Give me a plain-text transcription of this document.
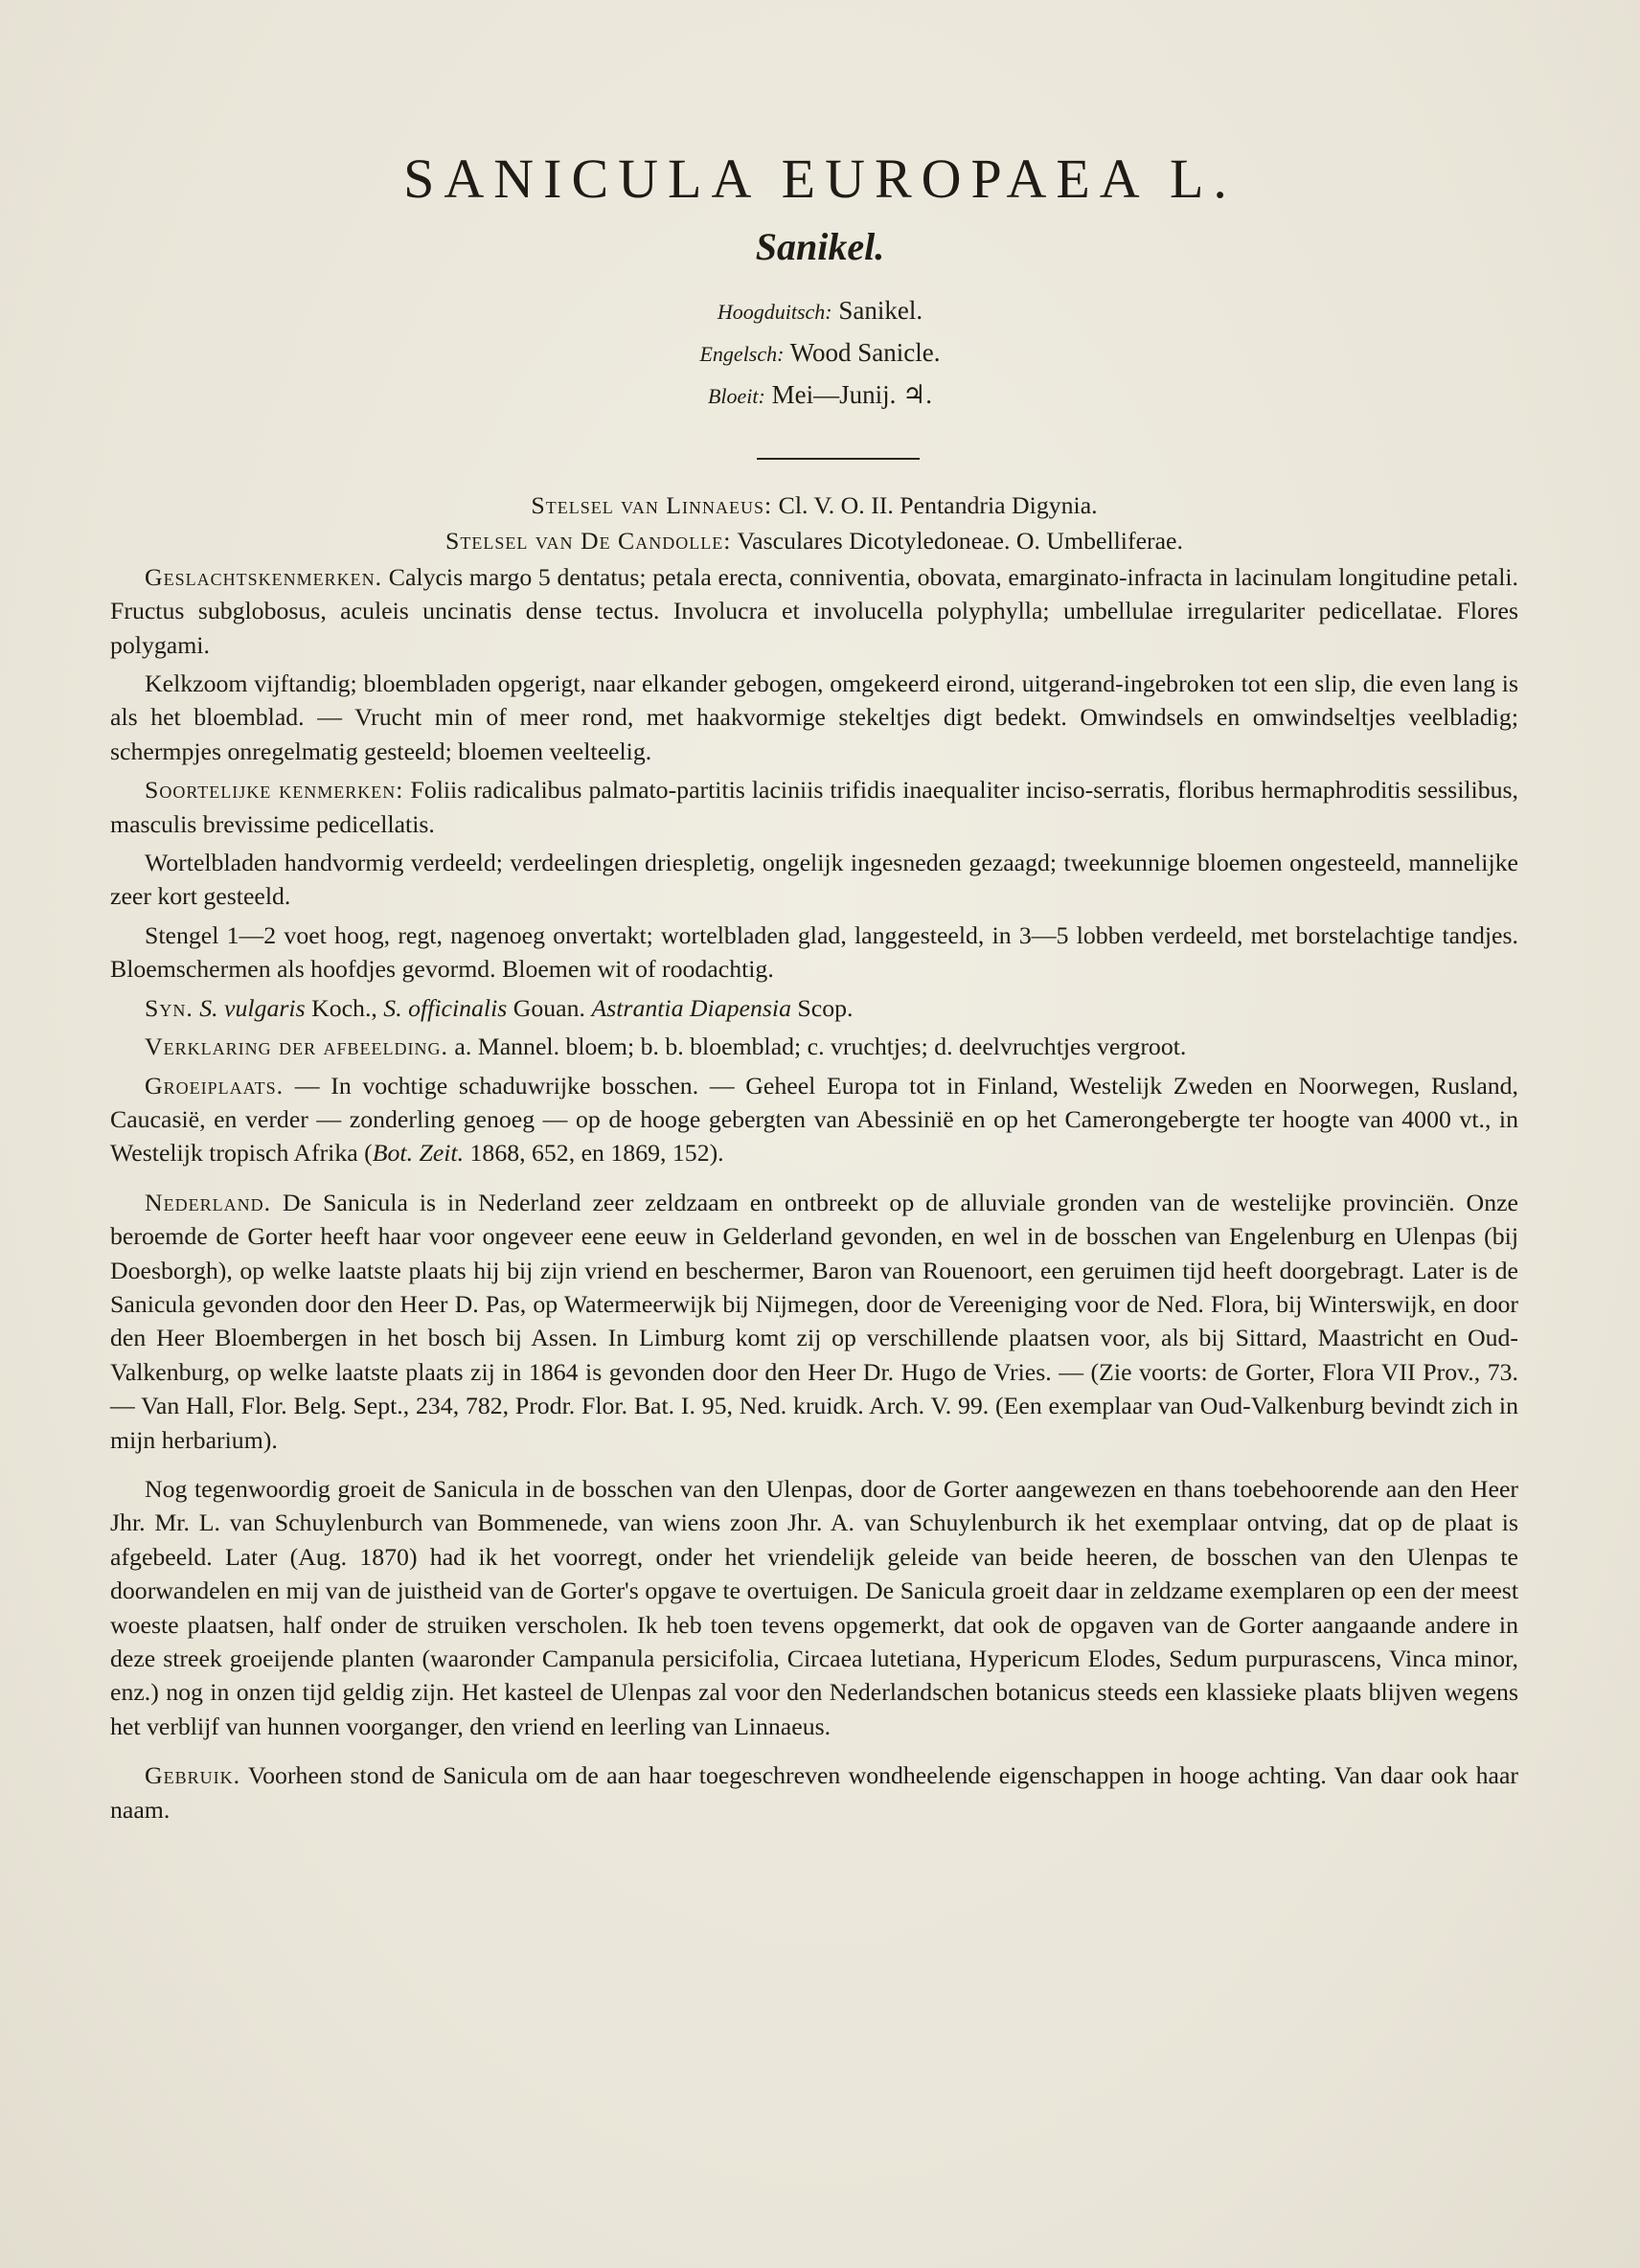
SANICULA EUROPAEA L.
Sanikel.
Hoogduitsch: Sanikel.
Engelsch: Wood Sanicle.
Bloeit: Mei—Junij. ♃.

Stelsel van Linnaeus: Cl. V. O. II. Pentandria Digynia.

Stelsel van De Candolle: Vasculares Dicotyledoneae. O. Umbelliferae.

Geslachtskenmerken. Calycis margo 5 dentatus; petala erecta, conniventia, obovata, emarginato-infracta in lacinulam longitudine petali. Fructus subglobosus, aculeis uncinatis dense tectus. Involucra et involucella polyphylla; umbellulae irregulariter pedicellatae. Flores polygami.

Kelkzoom vijftandig; bloembladen opgerigt, naar elkander gebogen, omgekeerd eirond, uitgerand-ingebroken tot een slip, die even lang is als het bloemblad. — Vrucht min of meer rond, met haakvormige stekeltjes digt bedekt. Omwindsels en omwindseltjes veelbladig; schermpjes onregelmatig gesteeld; bloemen veelteelig.

Soortelijke kenmerken: Foliis radicalibus palmato-partitis laciniis trifidis inaequaliter inciso-serratis, floribus hermaphroditis sessilibus, masculis brevissime pedicellatis.

Wortelbladen handvormig verdeeld; verdeelingen driespletig, ongelijk ingesneden gezaagd; tweekunnige bloemen ongesteeld, mannelijke zeer kort gesteeld.

Stengel 1—2 voet hoog, regt, nagenoeg onvertakt; wortelbladen glad, langgesteeld, in 3—5 lobben verdeeld, met borstelachtige tandjes. Bloemschermen als hoofdjes gevormd. Bloemen wit of roodachtig.

Syn. S. vulgaris Koch., S. officinalis Gouan. Astrantia Diapensia Scop.

Verklaring der afbeelding. a. Mannel. bloem; b. b. bloemblad; c. vruchtjes; d. deelvruchtjes vergroot.

Groeiplaats. — In vochtige schaduwrijke bosschen. — Geheel Europa tot in Finland, Westelijk Zweden en Noorwegen, Rusland, Caucasië, en verder — zonderling genoeg — op de hooge gebergten van Abessinië en op het Camerongebergte ter hoogte van 4000 vt., in Westelijk tropisch Afrika (Bot. Zeit. 1868, 652, en 1869, 152).

Nederland. De Sanicula is in Nederland zeer zeldzaam en ontbreekt op de alluviale gronden van de westelijke provinciën. Onze beroemde de Gorter heeft haar voor ongeveer eene eeuw in Gelderland gevonden, en wel in de bosschen van Engelenburg en Ulenpas (bij Doesborgh), op welke laatste plaats hij bij zijn vriend en beschermer, Baron van Rouenoort, een geruimen tijd heeft doorgebragt. Later is de Sanicula gevonden door den Heer D. Pas, op Watermeerwijk bij Nijmegen, door de Vereeniging voor de Ned. Flora, bij Winterswijk, en door den Heer Bloembergen in het bosch bij Assen. In Limburg komt zij op verschillende plaatsen voor, als bij Sittard, Maastricht en Oud-Valkenburg, op welke laatste plaats zij in 1864 is gevonden door den Heer Dr. Hugo de Vries. — (Zie voorts: de Gorter, Flora VII Prov., 73. — Van Hall, Flor. Belg. Sept., 234, 782, Prodr. Flor. Bat. I. 95, Ned. kruidk. Arch. V. 99. (Een exemplaar van Oud-Valkenburg bevindt zich in mijn herbarium).

Nog tegenwoordig groeit de Sanicula in de bosschen van den Ulenpas, door de Gorter aangewezen en thans toebehoorende aan den Heer Jhr. Mr. L. van Schuylenburch van Bommenede, van wiens zoon Jhr. A. van Schuylenburch ik het exemplaar ontving, dat op de plaat is afgebeeld. Later (Aug. 1870) had ik het voorregt, onder het vriendelijk geleide van beide heeren, de bosschen van den Ulenpas te doorwandelen en mij van de juistheid van de Gorter's opgave te overtuigen. De Sanicula groeit daar in zeldzame exemplaren op een der meest woeste plaatsen, half onder de struiken verscholen. Ik heb toen tevens opgemerkt, dat ook de opgaven van de Gorter aangaande andere in deze streek groeijende planten (waaronder Campanula persicifolia, Circaea lutetiana, Hypericum Elodes, Sedum purpurascens, Vinca minor, enz.) nog in onzen tijd geldig zijn. Het kasteel de Ulenpas zal voor den Nederlandschen botanicus steeds een klassieke plaats blijven wegens het verblijf van hunnen voorganger, den vriend en leerling van Linnaeus.

Gebruik. Voorheen stond de Sanicula om de aan haar toegeschreven wondheelende eigenschappen in hooge achting. Van daar ook haar naam.
